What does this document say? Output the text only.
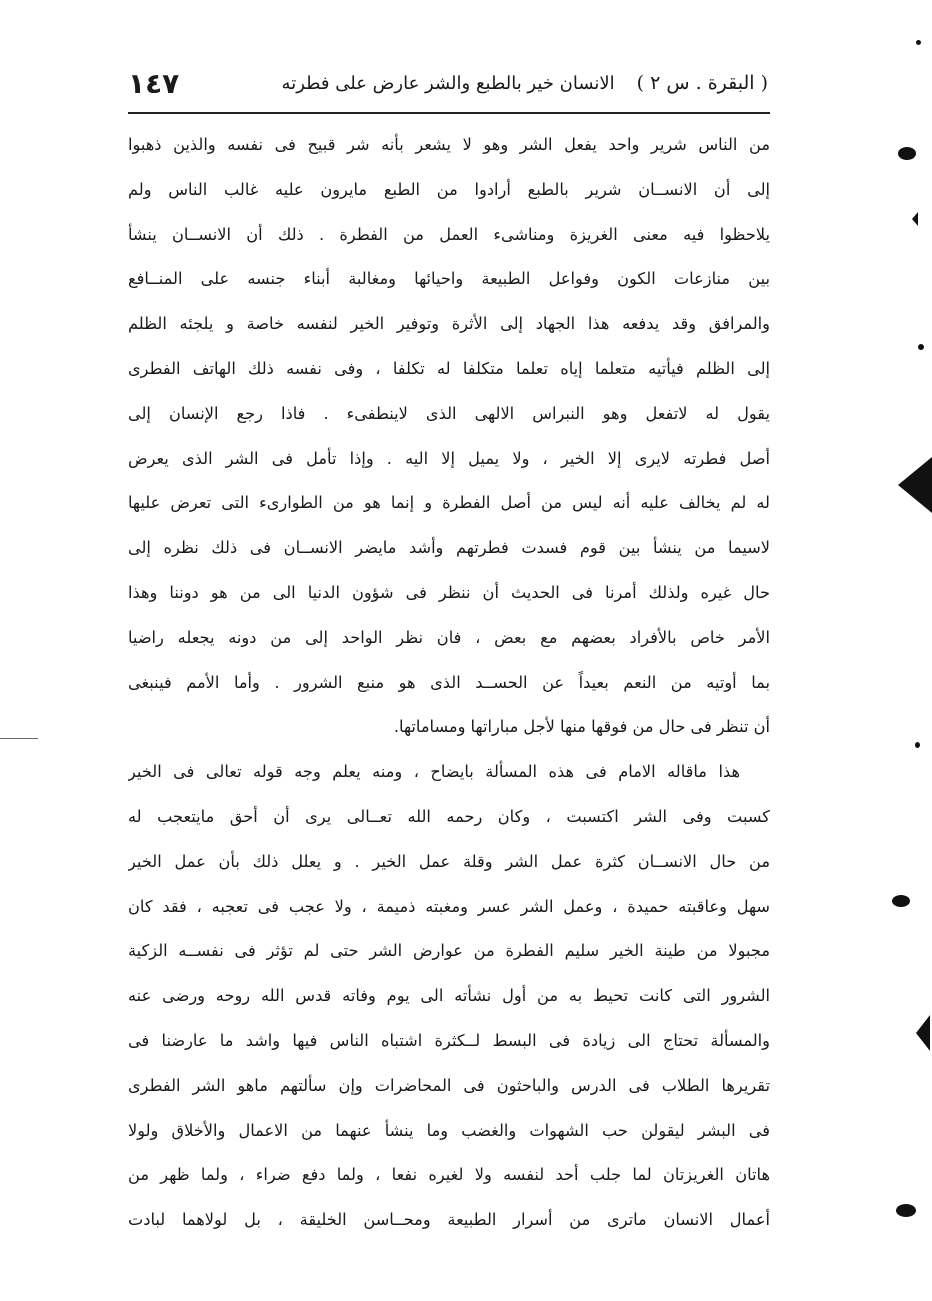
( البقرة . س ٢ )
الانسان خير بالطبع والشر عارض على فطرته
١٤٧
من الناس شرير واحد يفعل الشر وهو لا يشعر بأنه شر قبيح فى نفسه والذين ذهبوا
إلى أن الانســان شرير بالطبع أرادوا من الطبع مايرون عليه غالب الناس ولم
يلاحظوا فيه معنى الغريزة ومناشىء العمل من الفطرة . ذلك أن الانســان ينشأ
بين منازعات الكون وفواعل الطبيعة واحيائها ومغالبة أبناء جنسه على المنــافع
والمرافق وقد يدفعه هذا الجهاد إلى الأثرة وتوفير الخير لنفسه خاصة و يلجئه الظلم
إلى الظلم فيأتيه متعلما إياه تعلما متكلفا له تكلفا ، وفى نفسه ذلك الهاتف الفطرى
يقول له لاتفعل وهو النبراس الالهى الذى لاينطفىء . فاذا رجع الإنسان إلى
أصل فطرته لايرى إلا الخير ، ولا يميل إلا اليه . وإذا تأمل فى الشر الذى يعرض
له لم يخالف عليه أنه ليس من أصل الفطرة و إنما هو من الطوارىء التى تعرض عليها
لاسيما من ينشأ بين قوم فسدت فطرتهم وأشد مايضر الانســان فى ذلك نظره إلى
حال غيره ولذلك أمرنا فى الحديث أن ننظر فى شؤون الدنيا الى من هو دوننا وهذا
الأمر خاص بالأفراد بعضهم مع بعض ، فان نظر الواحد إلى من دونه يجعله راضيا
بما أوتيه من النعم بعيداً عن الحســد الذى هو منبع الشرور . وأما الأمم فينبغى
أن تنظر فى حال من فوقها منها لأجل مباراتها ومساماتها.
هذا ماقاله الامام فى هذه المسألة بايضاح ، ومنه يعلم وجه قوله تعالى فى الخير
كسبت وفى الشر اكتسبت ، وكان رحمه الله تعــالى يرى أن أحق مايتعجب له
من حال الانســان كثرة عمل الشر وقلة عمل الخير . و يعلل ذلك بأن عمل الخير
سهل وعاقبته حميدة ، وعمل الشر عسر ومغبته ذميمة ، ولا عجب فى تعجبه ، فقد كان
مجبولا من طينة الخير سليم الفطرة من عوارض الشر حتى لم تؤثر فى نفســه الزكية
الشرور التى كانت تحيط به من أول نشأته الى يوم وفاته قدس الله روحه ورضى عنه
والمسألة تحتاج الى زيادة فى البسط لــكثرة اشتباه الناس فيها واشد ما عارضنا فى
تقريرها الطلاب فى الدرس والباحثون فى المحاضرات وإن سألتهم ماهو الشر الفطرى
فى البشر ليقولن حب الشهوات والغضب وما ينشأ عنهما من الاعمال والأخلاق ولولا
هاتان الغريزتان لما جلب أحد لنفسه ولا لغيره نفعا ، ولما دفع ضراء ، ولما ظهر من
أعمال الانسان ماترى من أسرار الطبيعة ومحــاسن الخليقة ، بل لولاهما لبادت
